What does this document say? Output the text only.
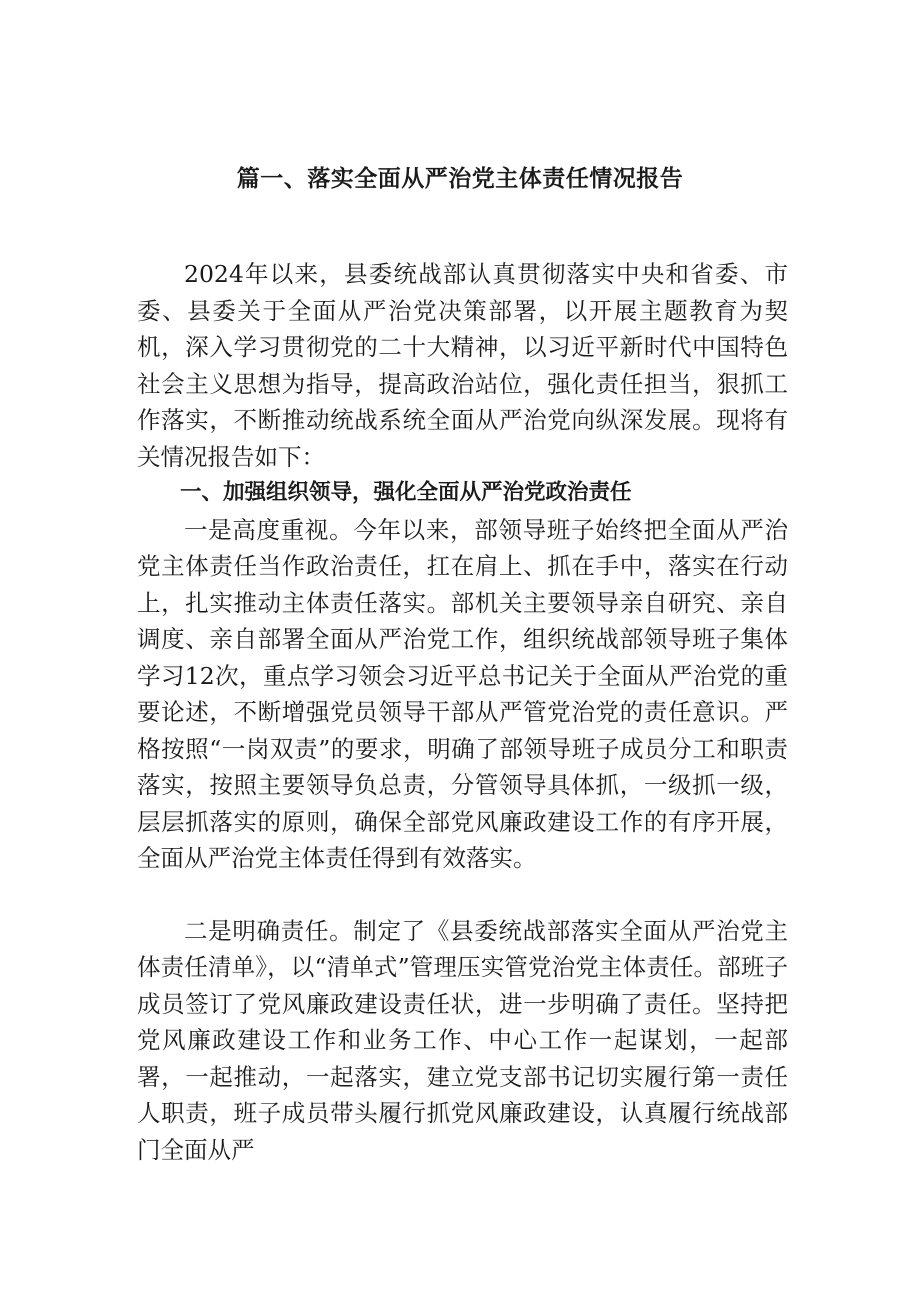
篇一、落实全面从严治党主体责任情况报告

2024年以来，县委统战部认真贯彻落实中央和省委、市委、县委关于全面从严治党决策部署，以开展主题教育为契机，深入学习贯彻党的二十大精神，以习近平新时代中国特色社会主义思想为指导，提高政治站位，强化责任担当，狠抓工作落实，不断推动统战系统全面从严治党向纵深发展。现将有关情况报告如下：

一、加强组织领导，强化全面从严治党政治责任

一是高度重视。今年以来，部领导班子始终把全面从严治党主体责任当作政治责任，扛在肩上、抓在手中，落实在行动上，扎实推动主体责任落实。部机关主要领导亲自研究、亲自调度、亲自部署全面从严治党工作，组织统战部领导班子集体学习12次，重点学习领会习近平总书记关于全面从严治党的重要论述，不断增强党员领导干部从严管党治党的责任意识。严格按照“一岗双责”的要求，明确了部领导班子成员分工和职责落实，按照主要领导负总责，分管领导具体抓，一级抓一级，层层抓落实的原则，确保全部党风廉政建设工作的有序开展，全面从严治党主体责任得到有效落实。

二是明确责任。制定了《县委统战部落实全面从严治党主体责任清单》，以“清单式”管理压实管党治党主体责任。部班子成员签订了党风廉政建设责任状，进一步明确了责任。坚持把党风廉政建设工作和业务工作、中心工作一起谋划，一起部署，一起推动，一起落实，建立党支部书记切实履行第一责任人职责，班子成员带头履行抓党风廉政建设，认真履行统战部门全面从严
